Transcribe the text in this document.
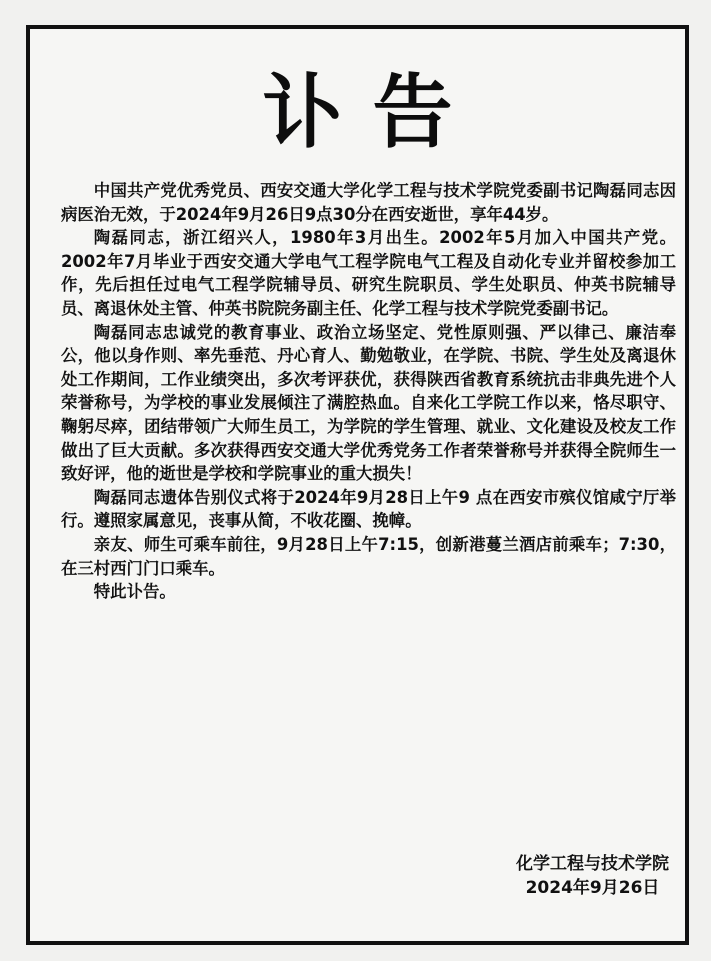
讣告

中国共产党优秀党员、西安交通大学化学工程与技术学院党委副书记陶磊同志因病医治无效，于2024年9月26日9点30分在西安逝世，享年44岁。

陶磊同志，浙江绍兴人，1980年3月出生。2002年5月加入中国共产党。2002年7月毕业于西安交通大学电气工程学院电气工程及自动化专业并留校参加工作，先后担任过电气工程学院辅导员、研究生院职员、学生处职员、仲英书院辅导员、离退休处主管、仲英书院院务副主任、化学工程与技术学院党委副书记。

陶磊同志忠诚党的教育事业、政治立场坚定、党性原则强、严以律己、廉洁奉公，他以身作则、率先垂范、丹心育人、勤勉敬业，在学院、书院、学生处及离退休处工作期间，工作业绩突出，多次考评获优，获得陕西省教育系统抗击非典先进个人荣誉称号，为学校的事业发展倾注了满腔热血。自来化工学院工作以来，恪尽职守、鞠躬尽瘁，团结带领广大师生员工，为学院的学生管理、就业、文化建设及校友工作做出了巨大贡献。多次获得西安交通大学优秀党务工作者荣誉称号并获得全院师生一致好评，他的逝世是学校和学院事业的重大损失！

陶磊同志遗体告别仪式将于2024年9月28日上午9 点在西安市殡仪馆咸宁厅举行。遵照家属意见，丧事从简，不收花圈、挽幛。

亲友、师生可乘车前往，9月28日上午7:15，创新港蔓兰酒店前乘车；7:30，在三村西门门口乘车。

特此讣告。

化学工程与技术学院
2024年9月26日
